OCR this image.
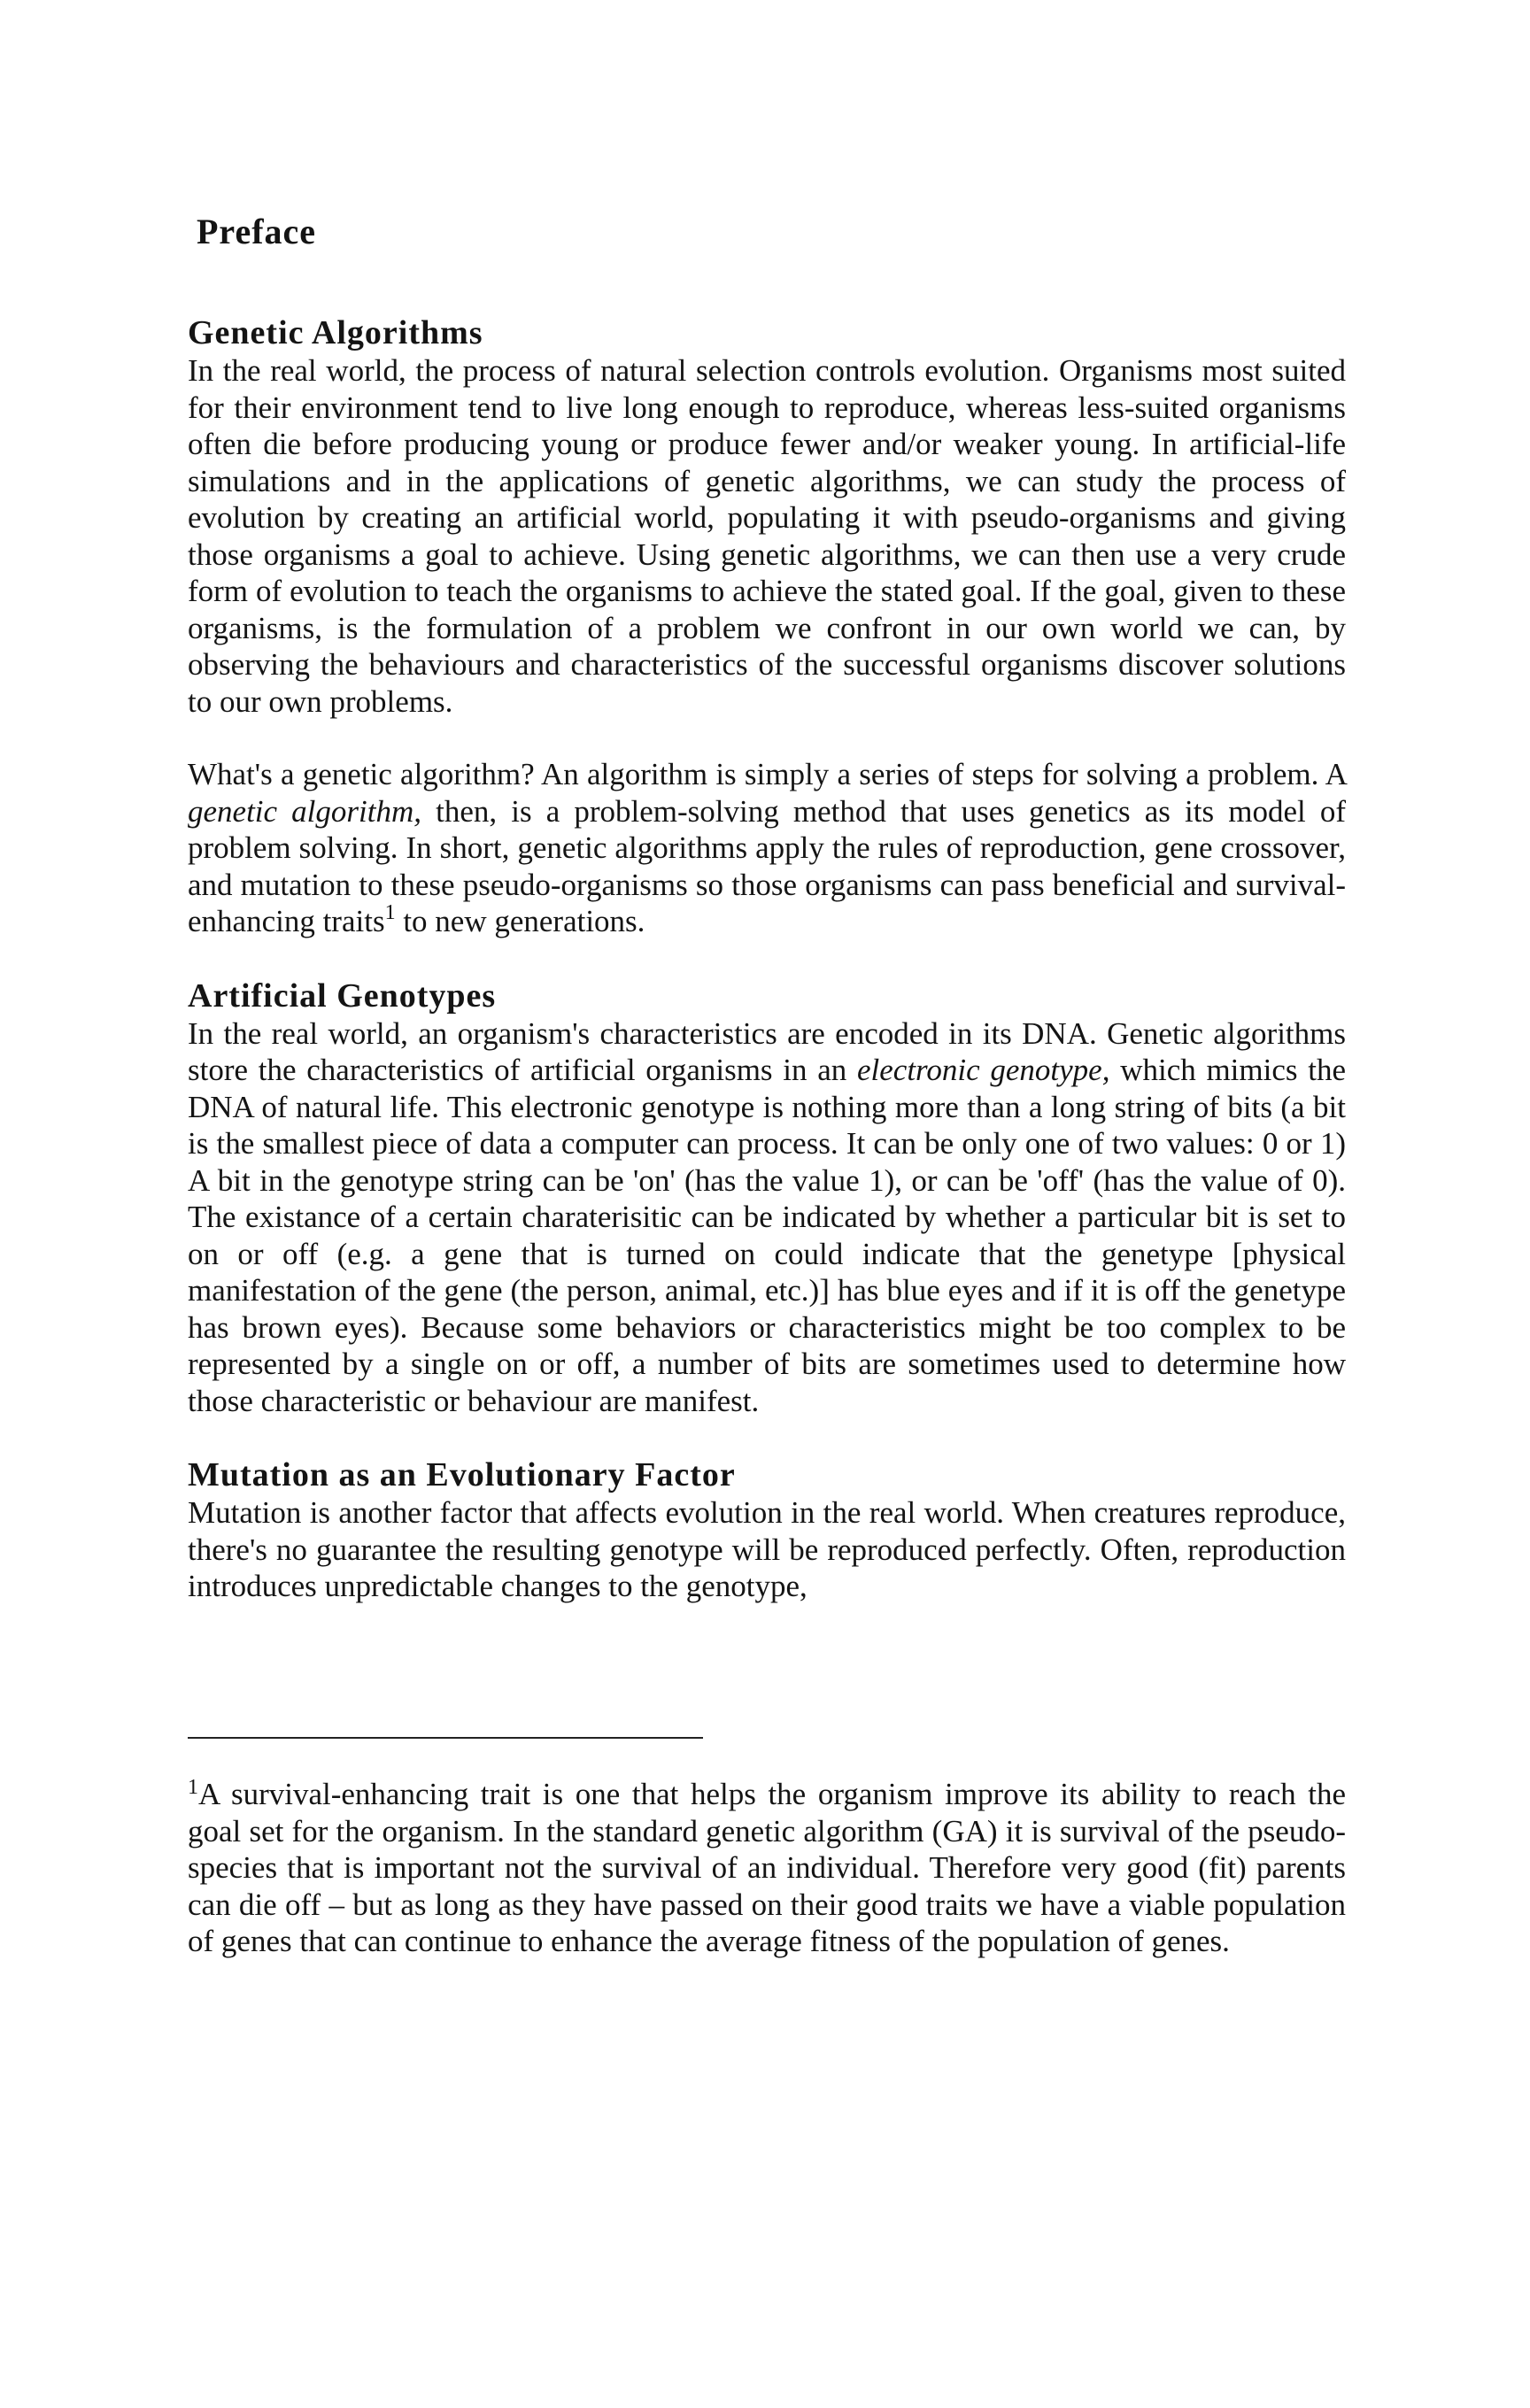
Preface
Genetic Algorithms

In the real world, the process of natural selection controls evolution. Organisms most suited for their environment tend to live long enough to reproduce, whereas less-suited organisms often die before producing young or produce fewer and/or weaker young. In artificial-life simulations and in the applications of genetic algorithms, we can study the process of evolution by creating an artificial world, populating it with pseudo-organisms and giving those organisms a goal to achieve. Using genetic algorithms, we can then use a very crude form of evolution to teach the organisms to achieve the stated goal. If the goal, given to these organisms, is the formulation of a problem we confront in our own world we can, by observing the behaviours and characteristics of the successful organisms discover solutions to our own problems.

What's a genetic algorithm? An algorithm is simply a series of steps for solving a problem. A genetic algorithm, then, is a problem-solving method that uses genetics as its model of problem solving. In short, genetic algorithms apply the rules of reproduction, gene crossover, and mutation to these pseudo-organisms so those organisms can pass beneficial and survival-enhancing traits$^1$ to new generations.

Artificial Genotypes

In the real world, an organism's characteristics are encoded in its DNA. Genetic algorithms store the characteristics of artificial organisms in an electronic genotype, which mimics the DNA of natural life. This electronic genotype is nothing more than a long string of bits (a bit is the smallest piece of data a computer can process. It can be only one of two values: 0 or 1) A bit in the genotype string can be 'on' (has the value 1), or can be 'off' (has the value of 0). The existance of a certain charaterisitic can be indicated by whether a particular bit is set to on or off (e.g. a gene that is turned on could indicate that the genetype [physical manifestation of the gene (the person, animal, etc.)] has blue eyes and if it is off the genetype has brown eyes). Because some behaviors or characteristics might be too complex to be represented by a single on or off, a number of bits are sometimes used to determine how those characteristic or behaviour are manifest.

Mutation as an Evolutionary Factor

Mutation is another factor that affects evolution in the real world. When creatures reproduce, there's no guarantee the resulting genotype will be reproduced perfectly. Often, reproduction introduces unpredictable changes to the genotype,

$^1$A survival-enhancing trait is one that helps the organism improve its ability to reach the goal set for the organism. In the standard genetic algorithm (GA) it is survival of the pseudo-species that is important not the survival of an individual. Therefore very good (fit) parents can die off – but as long as they have passed on their good traits we have a viable population of genes that can continue to enhance the average fitness of the population of genes.
